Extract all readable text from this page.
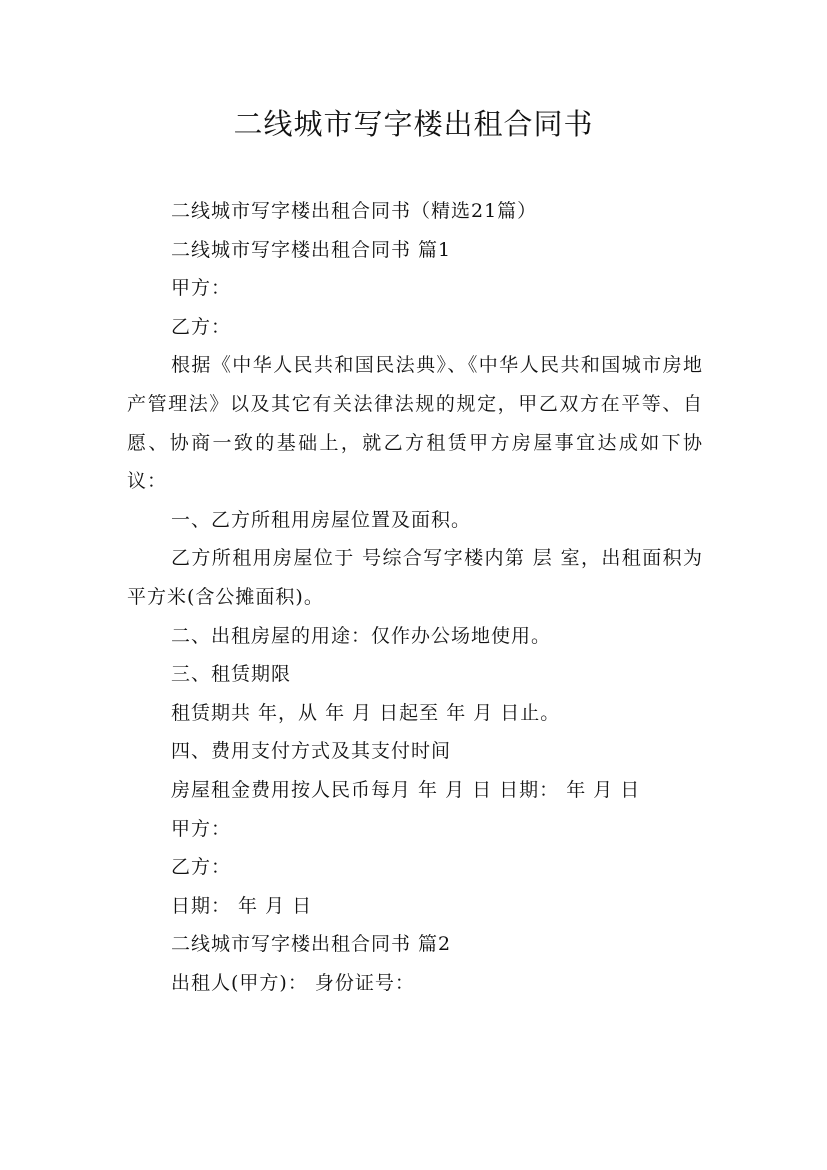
二线城市写字楼出租合同书

二线城市写字楼出租合同书（精选21篇）

二线城市写字楼出租合同书 篇1

甲方：

乙方：

根据《中华人民共和国民法典》、《中华人民共和国城市房地产管理法》以及其它有关法律法规的规定，甲乙双方在平等、自愿、协商一致的基础上，就乙方租赁甲方房屋事宜达成如下协议：

一、乙方所租用房屋位置及面积。

乙方所租用房屋位于 号综合写字楼内第 层 室，出租面积为 平方米(含公摊面积)。

二、出租房屋的用途：仅作办公场地使用。

三、租赁期限

租赁期共 年，从 年 月 日起至 年 月 日止。

四、费用支付方式及其支付时间

房屋租金费用按人民币每月 年 月 日 日期： 年 月 日

甲方：

乙方：

日期： 年 月 日

二线城市写字楼出租合同书 篇2

出租人(甲方)： 身份证号：
